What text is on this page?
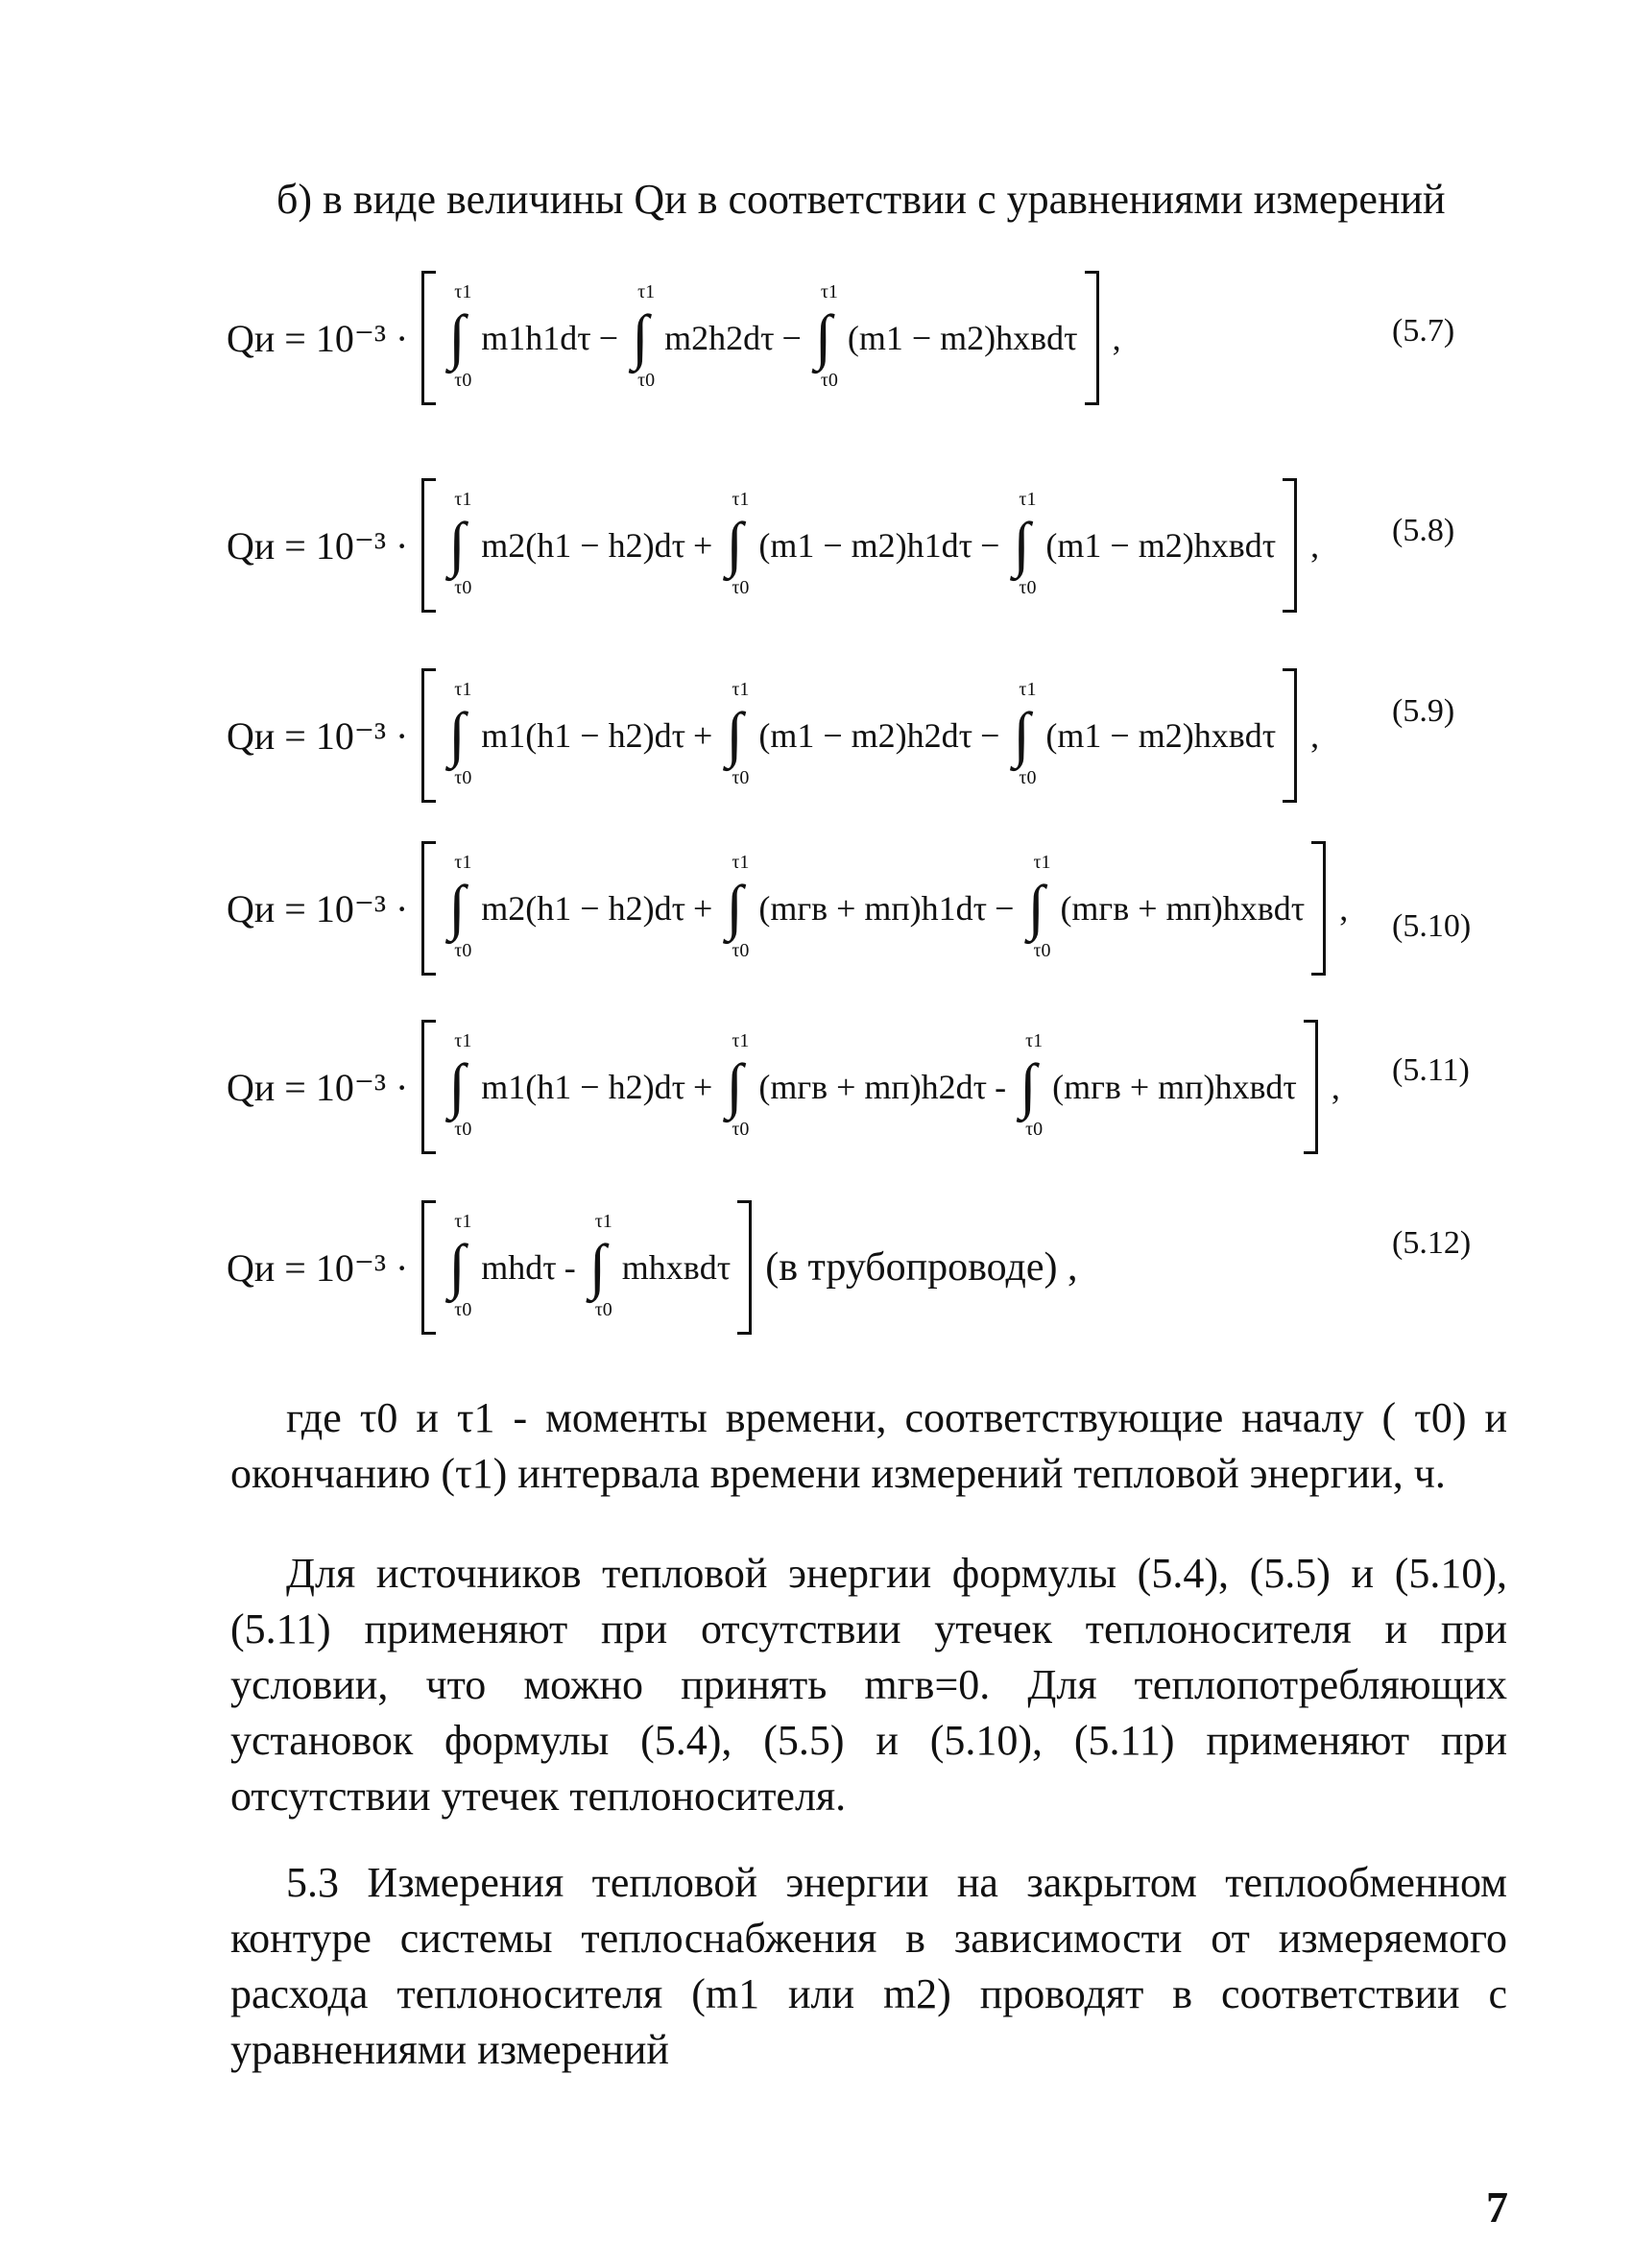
б) в виде величины Qи в соответствии с уравнениями измерений
Qи = 10⁻³ ·
τ1
∫
τ0
m1h1dτ −
τ1
∫
τ0
m2h2dτ −
τ1
∫
τ0
(m1 − m2)hхвdτ ,	(5.7)
Qи = 10⁻³ ·
τ1
∫
τ0
m2(h1 − h2)dτ +
τ1
∫
τ0
(m1 − m2)h1dτ −
τ1
∫
τ0
(m1 − m2)hхвdτ , (5.8)
Qи = 10⁻³ ·
τ1
∫
τ0
m1(h1 − h2)dτ +
τ1
∫
τ0
(m1 − m2)h2dτ −
τ1
∫
τ0
(m1 − m2)hхвdτ ,
(5.9)
Qи = 10⁻³ ·
τ1
∫
τ0
m2(h1 − h2)dτ +
τ1
∫
τ0
(mгв + mп)h1dτ −
τ1
∫
τ0
(mгв + mп)hхвdτ , (5.10)
Qи = 10⁻³ ·
τ1
∫
τ0
m1(h1 − h2)dτ +
τ1
∫
τ0
(mгв + mп)h2dτ -
τ1
∫
τ0
(mгв + mп)hхвdτ , (5.11)
Qи = 10⁻³ ·
τ1
∫
τ0
mhdτ -
τ1
∫
τ0
mhхвdτ (в трубопроводе) ,
(5.12)

где τ0 и τ1 - моменты времени, соответствующие началу ( τ0) и окончанию (τ1) интервала времени измерений тепловой энергии, ч.

Для источников тепловой энергии формулы (5.4), (5.5) и (5.10), (5.11) применяют при отсутствии утечек теплоносителя и при условии, что можно принять mгв=0. Для теплопотребляющих установок формулы (5.4), (5.5) и (5.10), (5.11) применяют при отсутствии утечек теплоносителя.

5.3 Измерения тепловой энергии на закрытом теплообменном контуре системы теплоснабжения в зависимости от измеряемого расхода теплоносителя (m1 или m2) проводят в соответствии с уравнениями измерений

7
